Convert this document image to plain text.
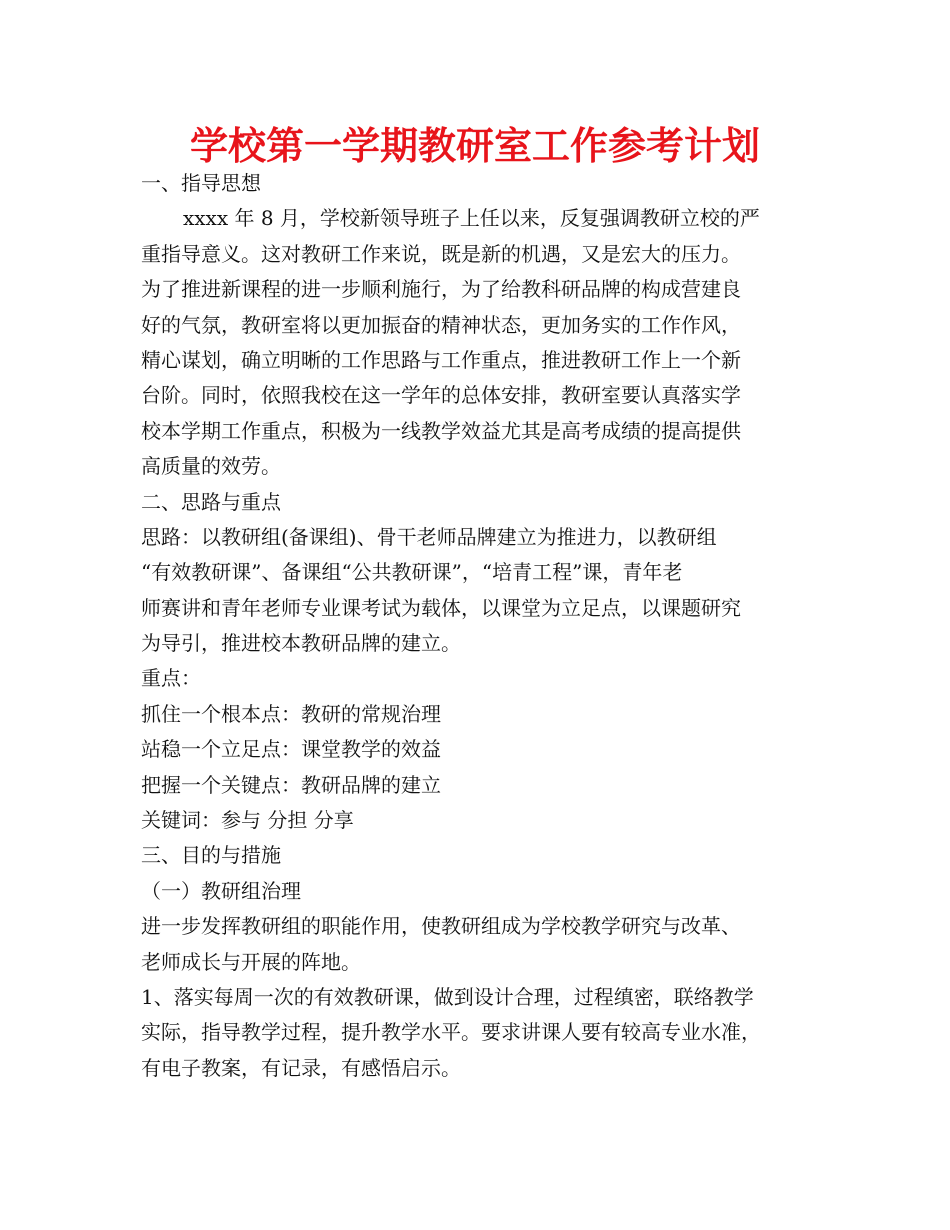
学校第一学期教研室工作参考计划
一、指导思想
xxxx 年 8 月，学校新领导班子上任以来，反复强调教研立校的严
重指导意义。这对教研工作来说，既是新的机遇，又是宏大的压力。
为了推进新课程的进一步顺利施行，为了给教科研品牌的构成营建良
好的气氛，教研室将以更加振奋的精神状态，更加务实的工作作风，
精心谋划，确立明晰的工作思路与工作重点，推进教研工作上一个新
台阶。同时，依照我校在这一学年的总体安排，教研室要认真落实学
校本学期工作重点，积极为一线教学效益尤其是高考成绩的提高提供
高质量的效劳。
二、思路与重点
思路：以教研组(备课组)、骨干老师品牌建立为推进力，以教研组
“有效教研课”、备课组“公共教研课”，“培青工程”课，青年老
师赛讲和青年老师专业课考试为载体，以课堂为立足点，以课题研究
为导引，推进校本教研品牌的建立。
重点：
抓住一个根本点：教研的常规治理
站稳一个立足点：课堂教学的效益
把握一个关键点：教研品牌的建立
关键词：参与 分担 分享
三、目的与措施
（一）教研组治理
进一步发挥教研组的职能作用，使教研组成为学校教学研究与改革、
老师成长与开展的阵地。
1、落实每周一次的有效教研课，做到设计合理，过程缜密，联络教学
实际，指导教学过程，提升教学水平。要求讲课人要有较高专业水准，
有电子教案，有记录，有感悟启示。
